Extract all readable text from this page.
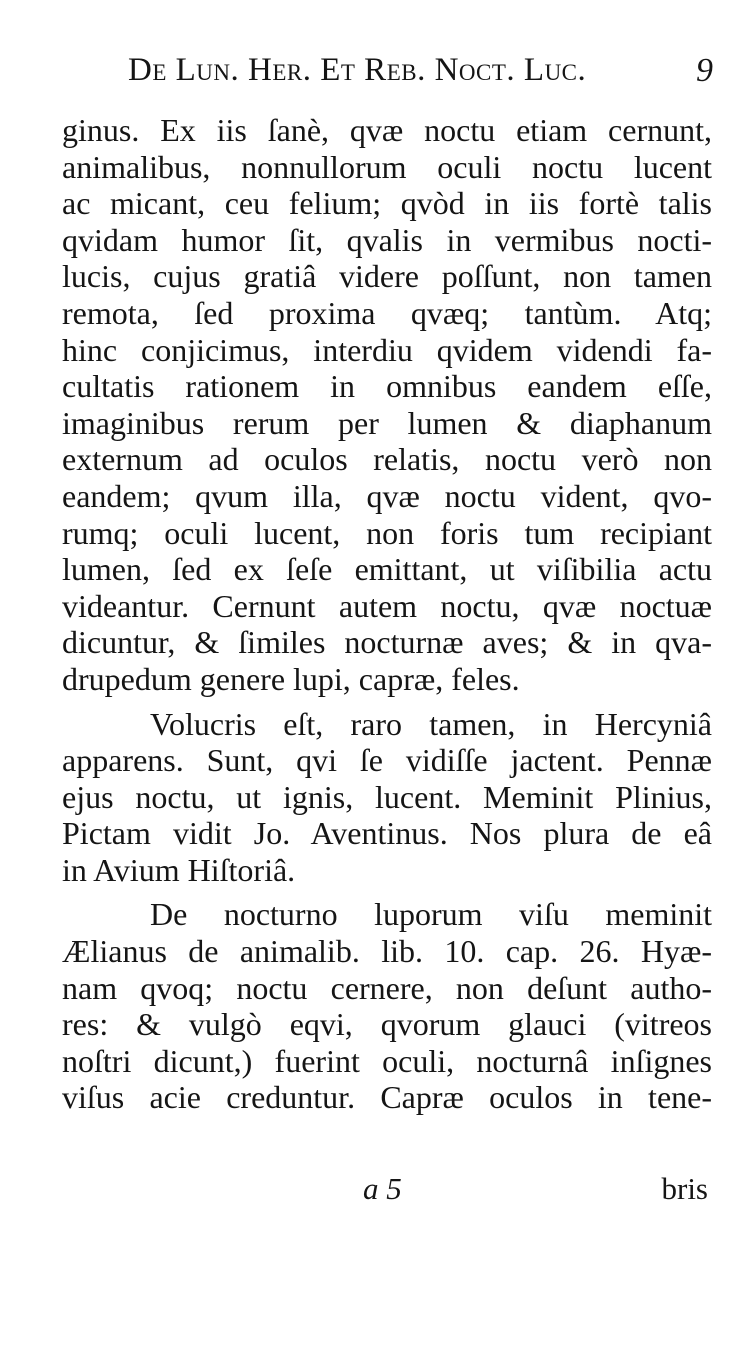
De Lun. Her. Et Reb. Noct. Luc.	9
ginus. Ex iis ſanè, qvæ noctu etiam cernunt,
animalibus, nonnullorum oculi noctu lucent
ac micant, ceu felium; qvòd in iis fortè talis
qvidam humor ſit, qvalis in vermibus nocti-
lucis, cujus gratiâ videre poſſunt, non tamen
remota, ſed proxima qvæq; tantùm. Atq;
hinc conjicimus, interdiu qvidem videndi fa-
cultatis rationem in omnibus eandem eſſe,
imaginibus rerum per lumen & diaphanum
externum ad oculos relatis, noctu verò non
eandem; qvum illa, qvæ noctu vident, qvo-
rumq; oculi lucent, non foris tum recipiant
lumen, ſed ex ſeſe emittant, ut viſibilia actu
videantur. Cernunt autem noctu, qvæ noctuæ
dicuntur, & ſimiles nocturnæ aves; & in qva-
drupedum genere lupi, capræ, feles.
Volucris eſt, raro tamen, in Hercyniâ
apparens. Sunt, qvi ſe vidiſſe jactent. Pennæ
ejus noctu, ut ignis, lucent. Meminit Plinius,
Pictam vidit Jo. Aventinus. Nos plura de eâ
in Avium Hiſtoriâ.
De nocturno luporum viſu meminit
Ælianus de animalib. lib. 10. cap. 26. Hyæ-
nam qvoq; noctu cernere, non deſunt autho-
res: & vulgò eqvi, qvorum glauci (vitreos
noſtri dicunt,) fuerint oculi, nocturnâ inſignes
viſus acie creduntur. Capræ oculos in tene-
a 5	bris
